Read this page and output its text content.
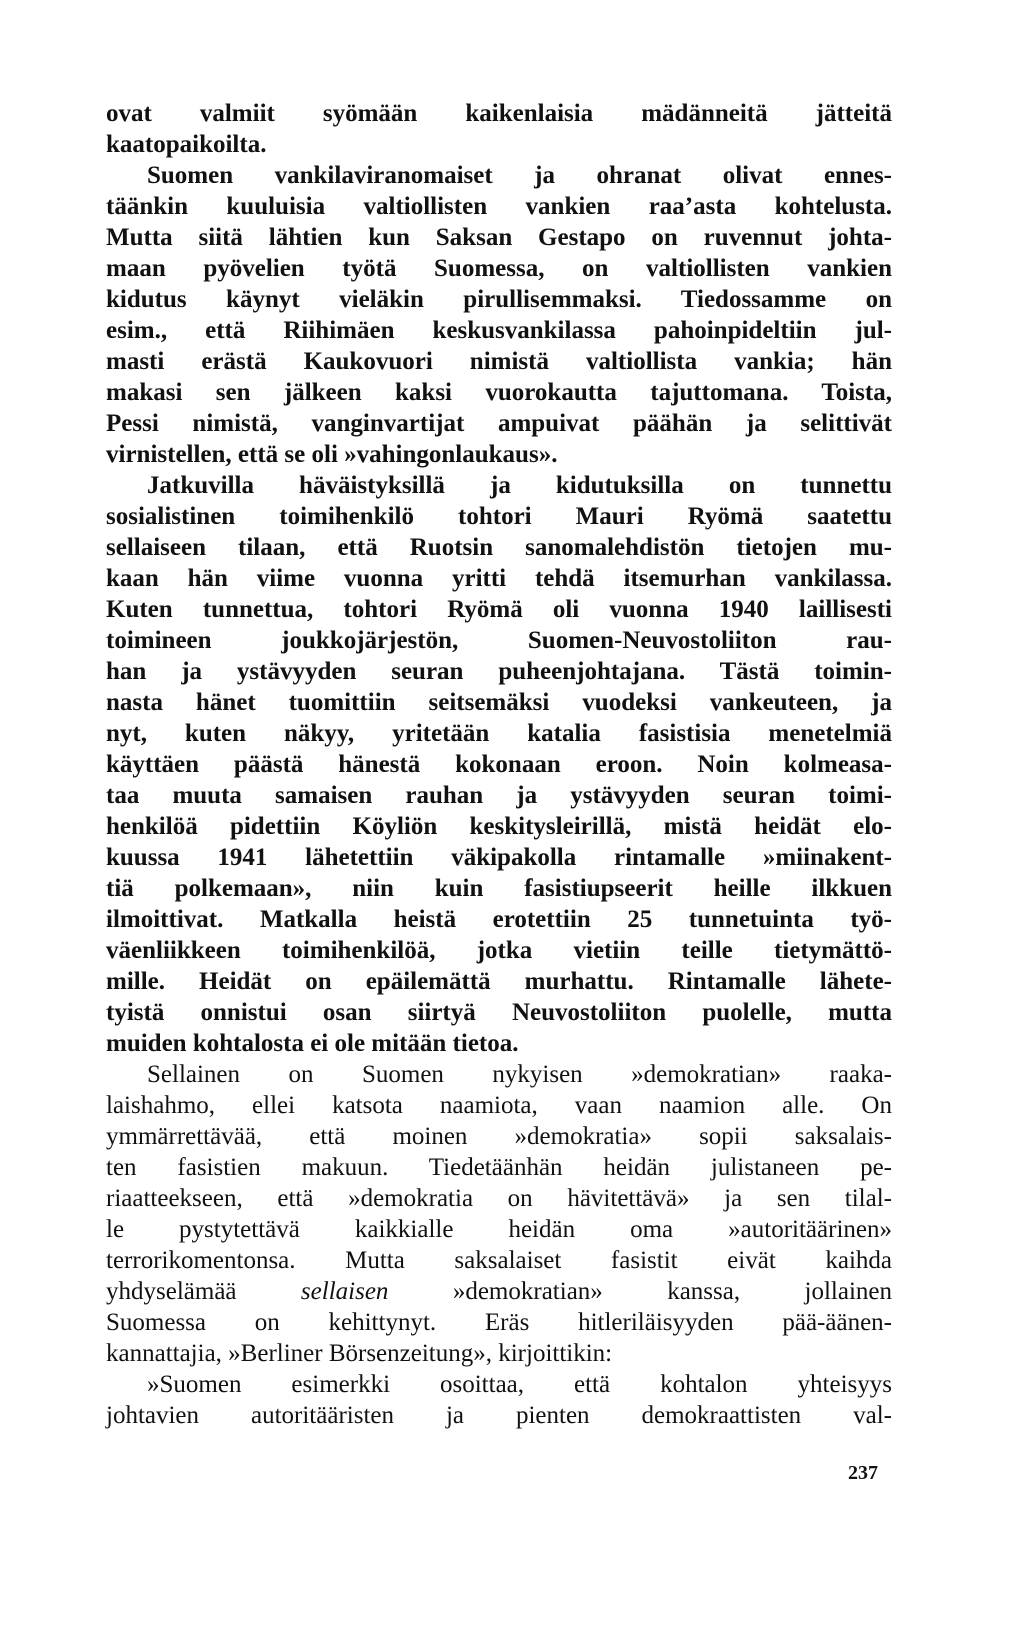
ovat valmiit syömään kaikenlaisia mädänneitä jätteitä
kaatopaikoilta.
Suomen vankilaviranomaiset ja ohranat olivat ennes-
täänkin kuuluisia valtiollisten vankien raa’asta kohtelusta.
Mutta siitä lähtien kun Saksan Gestapo on ruvennut johta-
maan pyövelien työtä Suomessa, on valtiollisten vankien
kidutus käynyt vieläkin pirullisemmaksi. Tiedossamme on
esim., että Riihimäen keskusvankilassa pahoinpideltiin jul-
masti erästä Kaukovuori nimistä valtiollista vankia; hän
makasi sen jälkeen kaksi vuorokautta tajuttomana. Toista,
Pessi nimistä, vanginvartijat ampuivat päähän ja selittivät
virnistellen, että se oli »vahingonlaukaus».
Jatkuvilla häväistyksillä ja kidutuksilla on tunnettu
sosialistinen toimihenkilö tohtori Mauri Ryömä saatettu
sellaiseen tilaan, että Ruotsin sanomalehdistön tietojen mu-
kaan hän viime vuonna yritti tehdä itsemurhan vankilassa.
Kuten tunnettua, tohtori Ryömä oli vuonna 1940 laillisesti
toimineen joukkojärjestön, Suomen-Neuvostoliiton rau-
han ja ystävyyden seuran puheenjohtajana. Tästä toimin-
nasta hänet tuomittiin seitsemäksi vuodeksi vankeuteen, ja
nyt, kuten näkyy, yritetään katalia fasistisia menetelmiä
käyttäen päästä hänestä kokonaan eroon. Noin kolmeasa-
taa muuta samaisen rauhan ja ystävyyden seuran toimi-
henkilöä pidettiin Köyliön keskitysleirillä, mistä heidät elo-
kuussa 1941 lähetettiin väkipakolla rintamalle »miinakent-
tiä polkemaan», niin kuin fasistiupseerit heille ilkkuen
ilmoittivat. Matkalla heistä erotettiin 25 tunnetuinta työ-
väenliikkeen toimihenkilöä, jotka vietiin teille tietymättö-
mille. Heidät on epäilemättä murhattu. Rintamalle lähete-
tyistä onnistui osan siirtyä Neuvostoliiton puolelle, mutta
muiden kohtalosta ei ole mitään tietoa.
Sellainen on Suomen nykyisen »demokratian» raaka-
laishahmo, ellei katsota naamiota, vaan naamion alle. On
ymmärrettävää, että moinen »demokratia» sopii saksalais-
ten fasistien makuun. Tiedetäänhän heidän julistaneen pe-
riaatteekseen, että »demokratia on hävitettävä» ja sen tilal-
le pystytettävä kaikkialle heidän oma »autoritäärinen»
terrorikomentonsa. Mutta saksalaiset fasistit eivät kaihda
yhdyselämää sellaisen »demokratian» kanssa, jollainen
Suomessa on kehittynyt. Eräs hitleriläisyyden pää-äänen-
kannattajia, »Berliner Börsenzeitung», kirjoittikin:
»Suomen esimerkki osoittaa, että kohtalon yhteisyys
johtavien autoritääristen ja pienten demokraattisten val-
237
